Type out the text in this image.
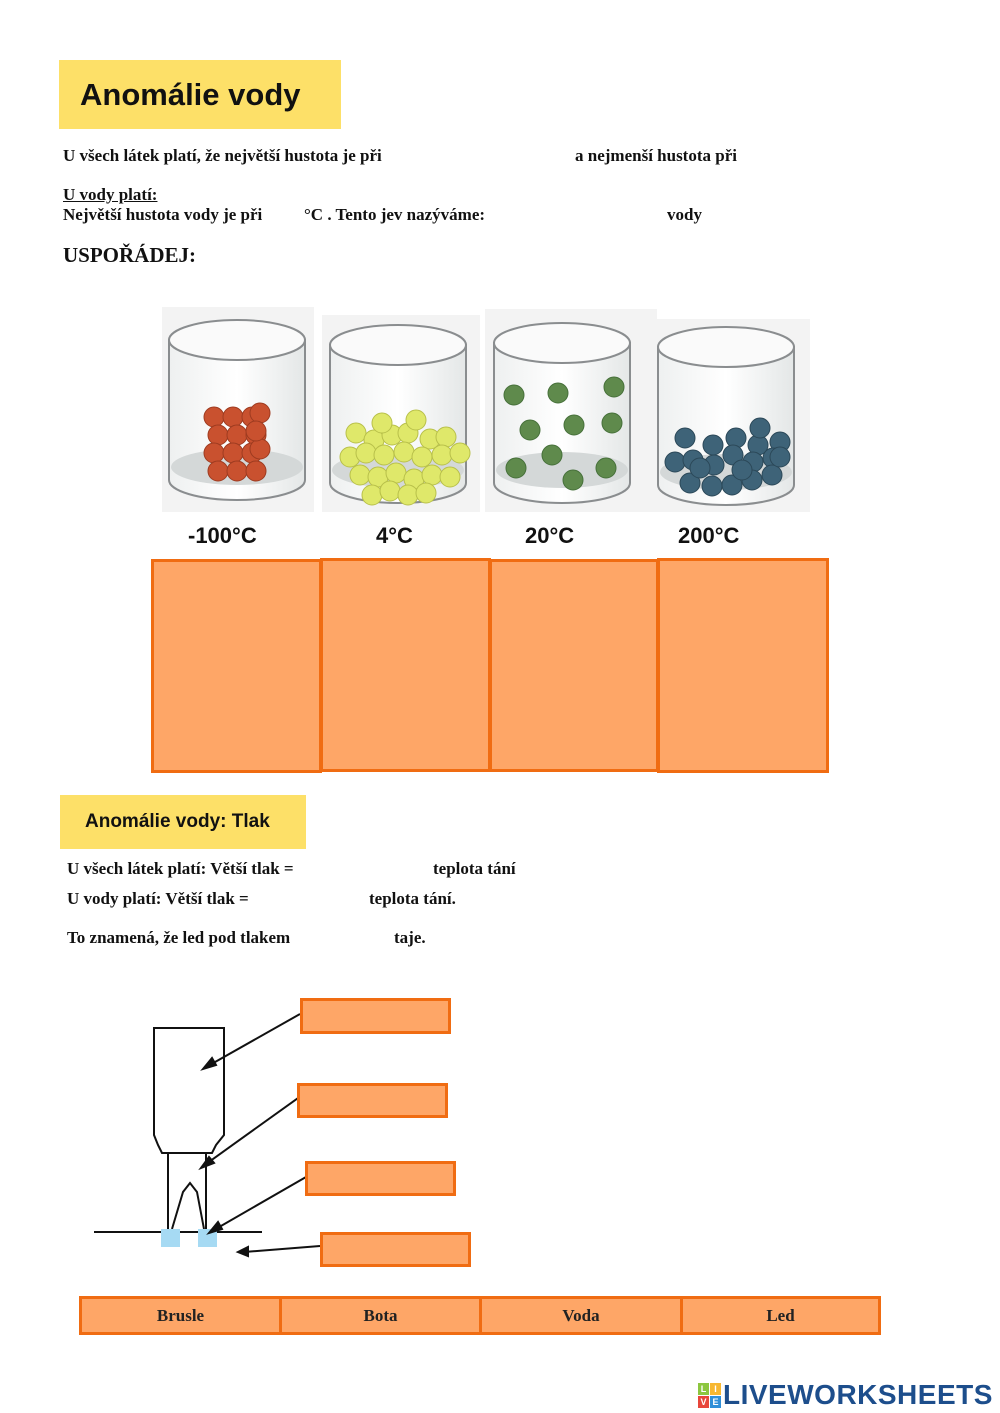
Anomálie vody
U všech látek platí, že největší hustota je při	a nejmenší hustota při
U vody platí:
Největší hustota vody je při °C . Tento jev nazýváme:	vody
USPOŘÁDEJ:
-100°C	4°C	20°C	200°C
Anomálie vody: Tlak
U všech látek platí: Větší tlak =	teplota tání
U vody platí: Větší tlak =	teplota tání.
To znamená, že led pod tlakem	taje.
Brusle	Bota	Voda	Led
L I
V E LIVEWORKSHEETS
